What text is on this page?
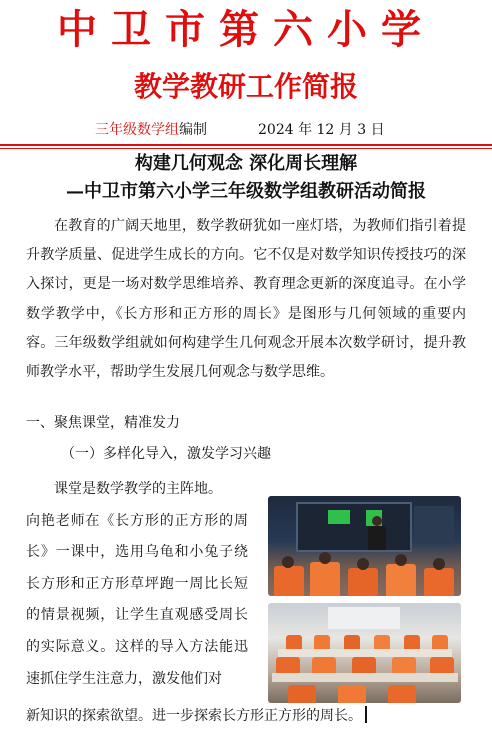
中卫市第六小学
教学教研工作简报
三年级数学组编制	2024 年 12 月 3 日
构建几何观念 深化周长理解
—中卫市第六小学三年级数学组教研活动简报
在教育的广阔天地里，数学教研犹如一座灯塔，为教师们指引着提升教学质量、促进学生成长的方向。它不仅是对数学知识传授技巧的深入探讨，更是一场对数学思维培养、教育理念更新的深度追寻。在小学数学教学中，《长方形和正方形的周长》是图形与几何领域的重要内容。三年级数学组就如何构建学生几何观念开展本次数学研讨，提升教师教学水平，帮助学生发展几何观念与数学思维。
一、聚焦课堂，精准发力
（一）多样化导入，激发学习兴趣
课堂是数学教学的主阵地。
向艳老师在《长方形的正方形的周长》一课中，选用乌龟和小兔子绕长方形和正方形草坪跑一周比长短的情景视频，让学生直观感受周长的实际意义。这样的导入方法能迅速抓住学生注意力，激发他们对
新知识的探索欲望。进一步探索长方形正方形的周长。
